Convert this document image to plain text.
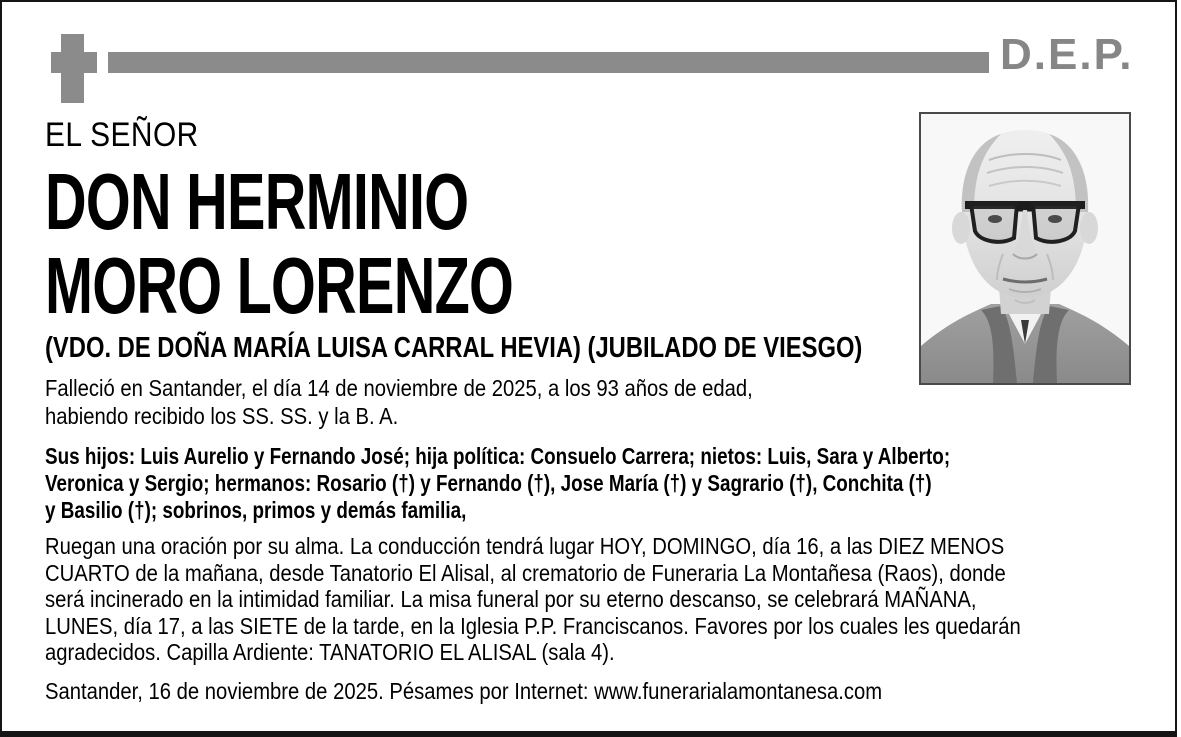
D.E.P.
EL SEÑOR
DON HERMINIO
MORO LORENZO
(VDO. DE DOÑA MARÍA LUISA CARRAL HEVIA) (JUBILADO DE VIESGO)
Falleció en Santander, el día 14 de noviembre de 2025, a los 93 años de edad,
habiendo recibido los SS. SS. y la B. A.
Sus hijos: Luis Aurelio y Fernando José; hija política: Consuelo Carrera; nietos: Luis, Sara y Alberto;
Veronica y Sergio; hermanos: Rosario (†) y Fernando (†), Jose María (†) y Sagrario (†), Conchita (†)
y Basilio (†); sobrinos, primos y demás familia,
Ruegan una oración por su alma. La conducción tendrá lugar HOY, DOMINGO, día 16, a las DIEZ MENOS
CUARTO de la mañana, desde Tanatorio El Alisal, al crematorio de Funeraria La Montañesa (Raos), donde
será incinerado en la intimidad familiar. La misa funeral por su eterno descanso, se celebrará MAÑANA,
LUNES, día 17, a las SIETE de la tarde, en la Iglesia P.P. Franciscanos. Favores por los cuales les quedarán
agradecidos. Capilla Ardiente: TANATORIO EL ALISAL (sala 4).
Santander, 16 de noviembre de 2025. Pésames por Internet: www.funerarialamontanesa.com
